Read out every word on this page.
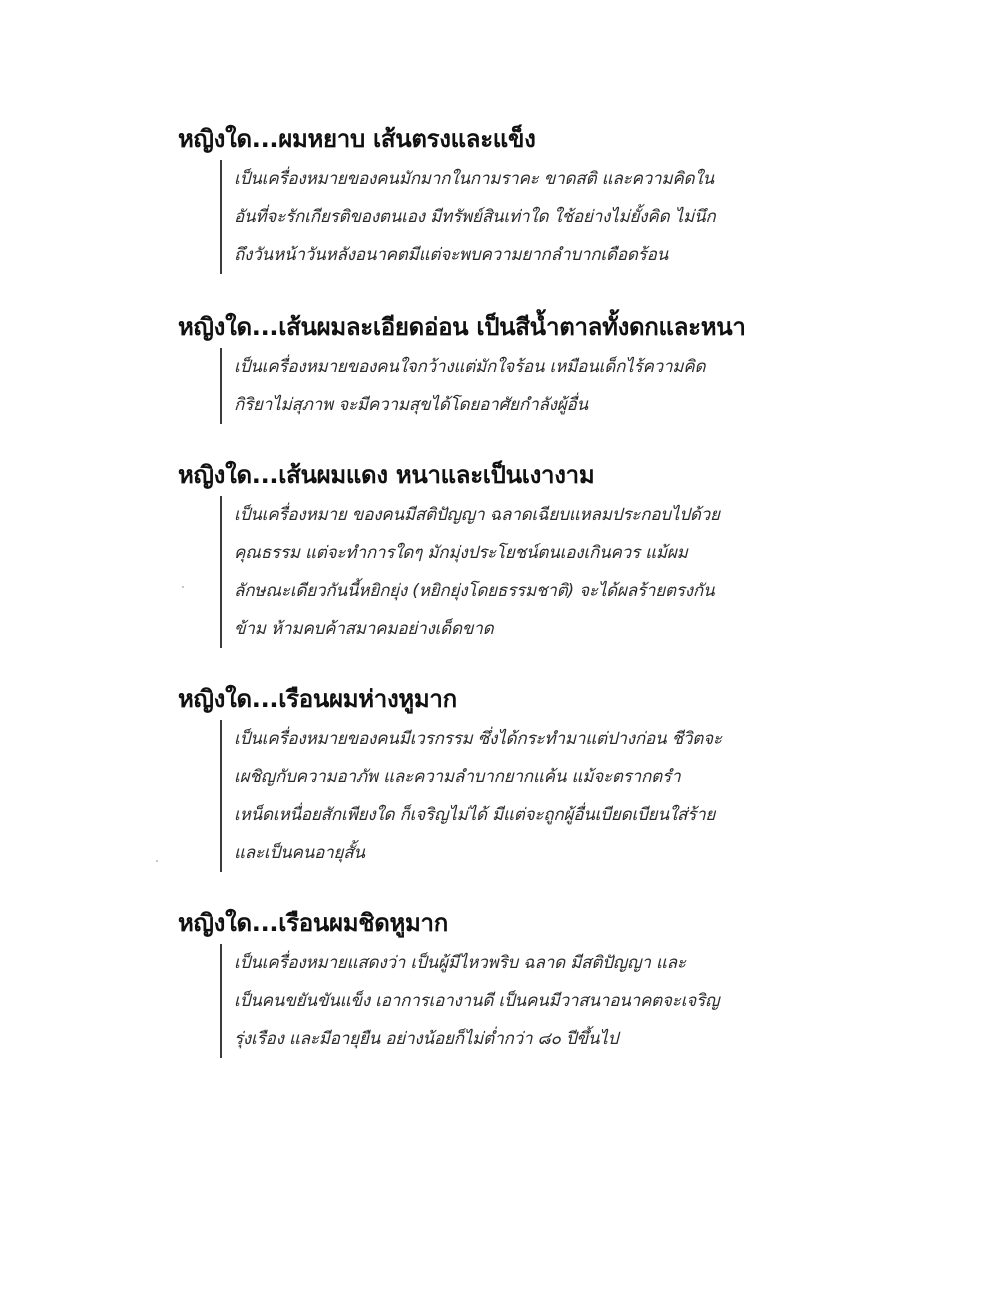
หญิงใด...ผมหยาบ เส้นตรงและแข็ง
เป็นเครื่องหมายของคนมักมากในกามราคะ ขาดสติ และความคิดใน
อันที่จะรักเกียรติของตนเอง มีทรัพย์สินเท่าใด ใช้อย่างไม่ยั้งคิด ไม่นึก
ถึงวันหน้าวันหลังอนาคตมีแต่จะพบความยากลำบากเดือดร้อน
หญิงใด...เส้นผมละเอียดอ่อน เป็นสีน้ำตาลทั้งดกและหนา
เป็นเครื่องหมายของคนใจกว้างแต่มักใจร้อน เหมือนเด็กไร้ความคิด
กิริยาไม่สุภาพ จะมีความสุขได้โดยอาศัยกำลังผู้อื่น
หญิงใด...เส้นผมแดง หนาและเป็นเงางาม
เป็นเครื่องหมาย ของคนมีสติปัญญา ฉลาดเฉียบแหลมประกอบไปด้วย
คุณธรรม แต่จะทำการใดๆ มักมุ่งประโยชน์ตนเองเกินควร แม้ผม
ลักษณะเดียวกันนี้หยิกยุ่ง (หยิกยุ่งโดยธรรมชาติ) จะได้ผลร้ายตรงกัน
ข้าม ห้ามคบค้าสมาคมอย่างเด็ดขาด
หญิงใด...เรือนผมห่างหูมาก
เป็นเครื่องหมายของคนมีเวรกรรม ซึ่งได้กระทำมาแต่ปางก่อน ชีวิตจะ
เผชิญกับความอาภัพ และความลำบากยากแค้น แม้จะตรากตรำ
เหน็ดเหนื่อยสักเพียงใด ก็เจริญไม่ได้ มีแต่จะถูกผู้อื่นเบียดเบียนใส่ร้าย
และเป็นคนอายุสั้น
หญิงใด...เรือนผมชิดหูมาก
เป็นเครื่องหมายแสดงว่า เป็นผู้มีไหวพริบ ฉลาด มีสติปัญญา และ
เป็นคนขยันขันแข็ง เอาการเอางานดี เป็นคนมีวาสนาอนาคตจะเจริญ
รุ่งเรือง และมีอายุยืน อย่างน้อยก็ไม่ต่ำกว่า ๘๐ ปีขึ้นไป
